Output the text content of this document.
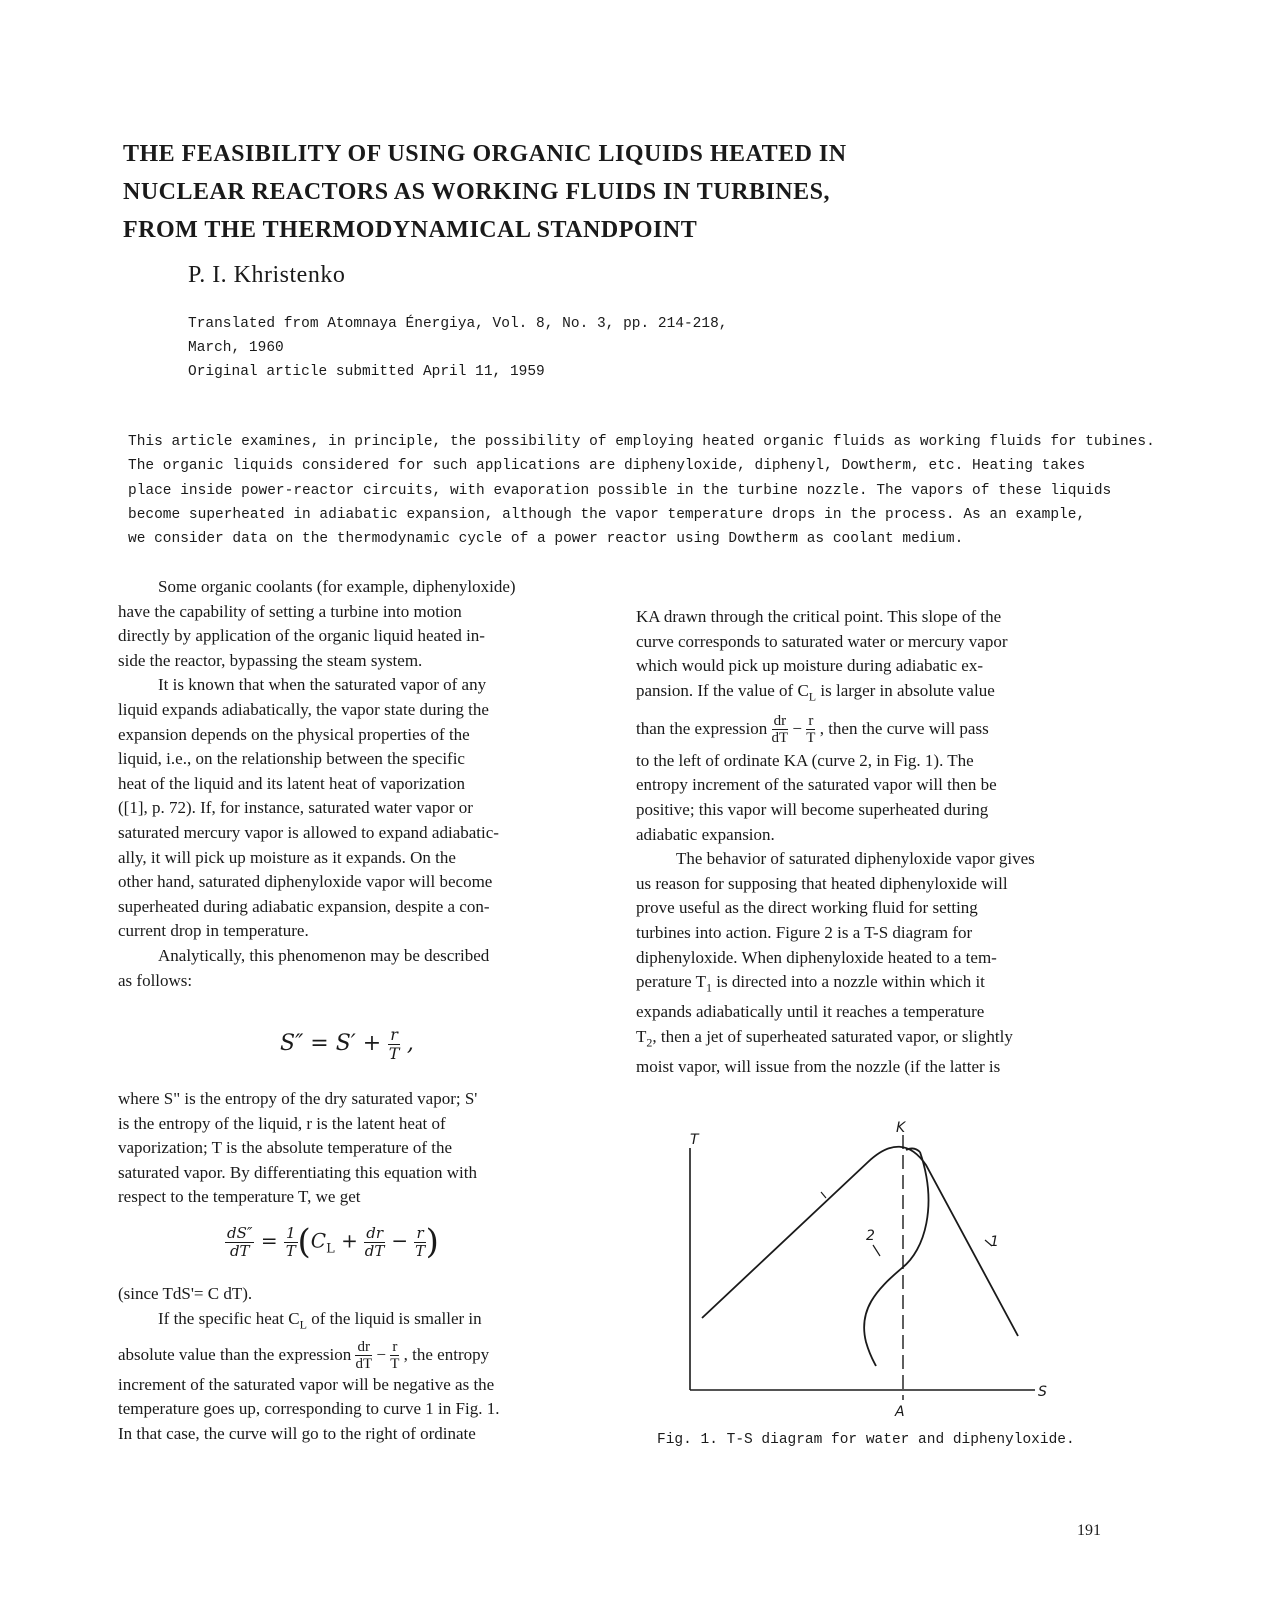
THE FEASIBILITY OF USING ORGANIC LIQUIDS HEATED IN
NUCLEAR REACTORS AS WORKING FLUIDS IN TURBINES,
FROM THE THERMODYNAMICAL STANDPOINT
P. I. Khristenko
Translated from Atomnaya Énergiya, Vol. 8, No. 3, pp. 214-218,
March, 1960
Original article submitted April 11, 1959
This article examines, in principle, the possibility of employing heated organic fluids as working fluids for tubines.
The organic liquids considered for such applications are diphenyloxide, diphenyl, Dowtherm, etc. Heating takes
place inside power-reactor circuits, with evaporation possible in the turbine nozzle. The vapors of these liquids
become superheated in adiabatic expansion, although the vapor temperature drops in the process. As an example,
we consider data on the thermodynamic cycle of a power reactor using Dowtherm as coolant medium.
Some organic coolants (for example, diphenyloxide)
have the capability of setting a turbine into motion
directly by application of the organic liquid heated in-
side the reactor, bypassing the steam system.
It is known that when the saturated vapor of any
liquid expands adiabatically, the vapor state during the
expansion depends on the physical properties of the
liquid, i.e., on the relationship between the specific
heat of the liquid and its latent heat of vaporization
([1], p. 72). If, for instance, saturated water vapor or
saturated mercury vapor is allowed to expand adiabatic-
ally, it will pick up moisture as it expands. On the
other hand, saturated diphenyloxide vapor will become
superheated during adiabatic expansion, despite a con-
current drop in temperature.
Analytically, this phenomenon may be described
as follows:
$S'' = S' + \frac{r}{T}$ ,
where S" is the entropy of the dry saturated vapor; S'
is the entropy of the liquid, r is the latent heat of
vaporization; T is the absolute temperature of the
saturated vapor. By differentiating this equation with
respect to the temperature T, we get
$\frac{dS''}{dT} = \frac{1}{T} (C_L + \frac{dr}{dT} - \frac{r}{T}$ )
(since TdS'= C dT).
If the specific heat $C_L$ of the liquid is smaller in
absolute value than the expression $\frac{dr}{dT} - \frac{r}{T}$ , the entropy
increment of the saturated vapor will be negative as the
temperature goes up, corresponding to curve 1 in Fig. 1.
In that case, the curve will go to the right of ordinate
KA drawn through the critical point. This slope of the
curve corresponds to saturated water or mercury vapor
which would pick up moisture during adiabatic ex-
pansion. If the value of $C_L$ is larger in absolute value
than the expression $\frac{dr}{dT} - \frac{r}{T}$ , then the curve will pass
to the left of ordinate KA (curve 2, in Fig. 1). The
entropy increment of the saturated vapor will then be
positive; this vapor will become superheated during
adiabatic expansion.
The behavior of saturated diphenyloxide vapor gives
us reason for supposing that heated diphenyloxide will
prove useful as the direct working fluid for setting
turbines into action. Figure 2 is a T-S diagram for
diphenyloxide. When diphenyloxide heated to a tem-
perature $T_1$ is directed into a nozzle within which it
expands adiabatically until it reaches a temperature
$T_2$, then a jet of superheated saturated vapor, or slightly
moist vapor, will issue from the nozzle (if the latter is
T
S
K
A
1
2
Fig. 1. T-S diagram for water and diphenyloxide.
191
